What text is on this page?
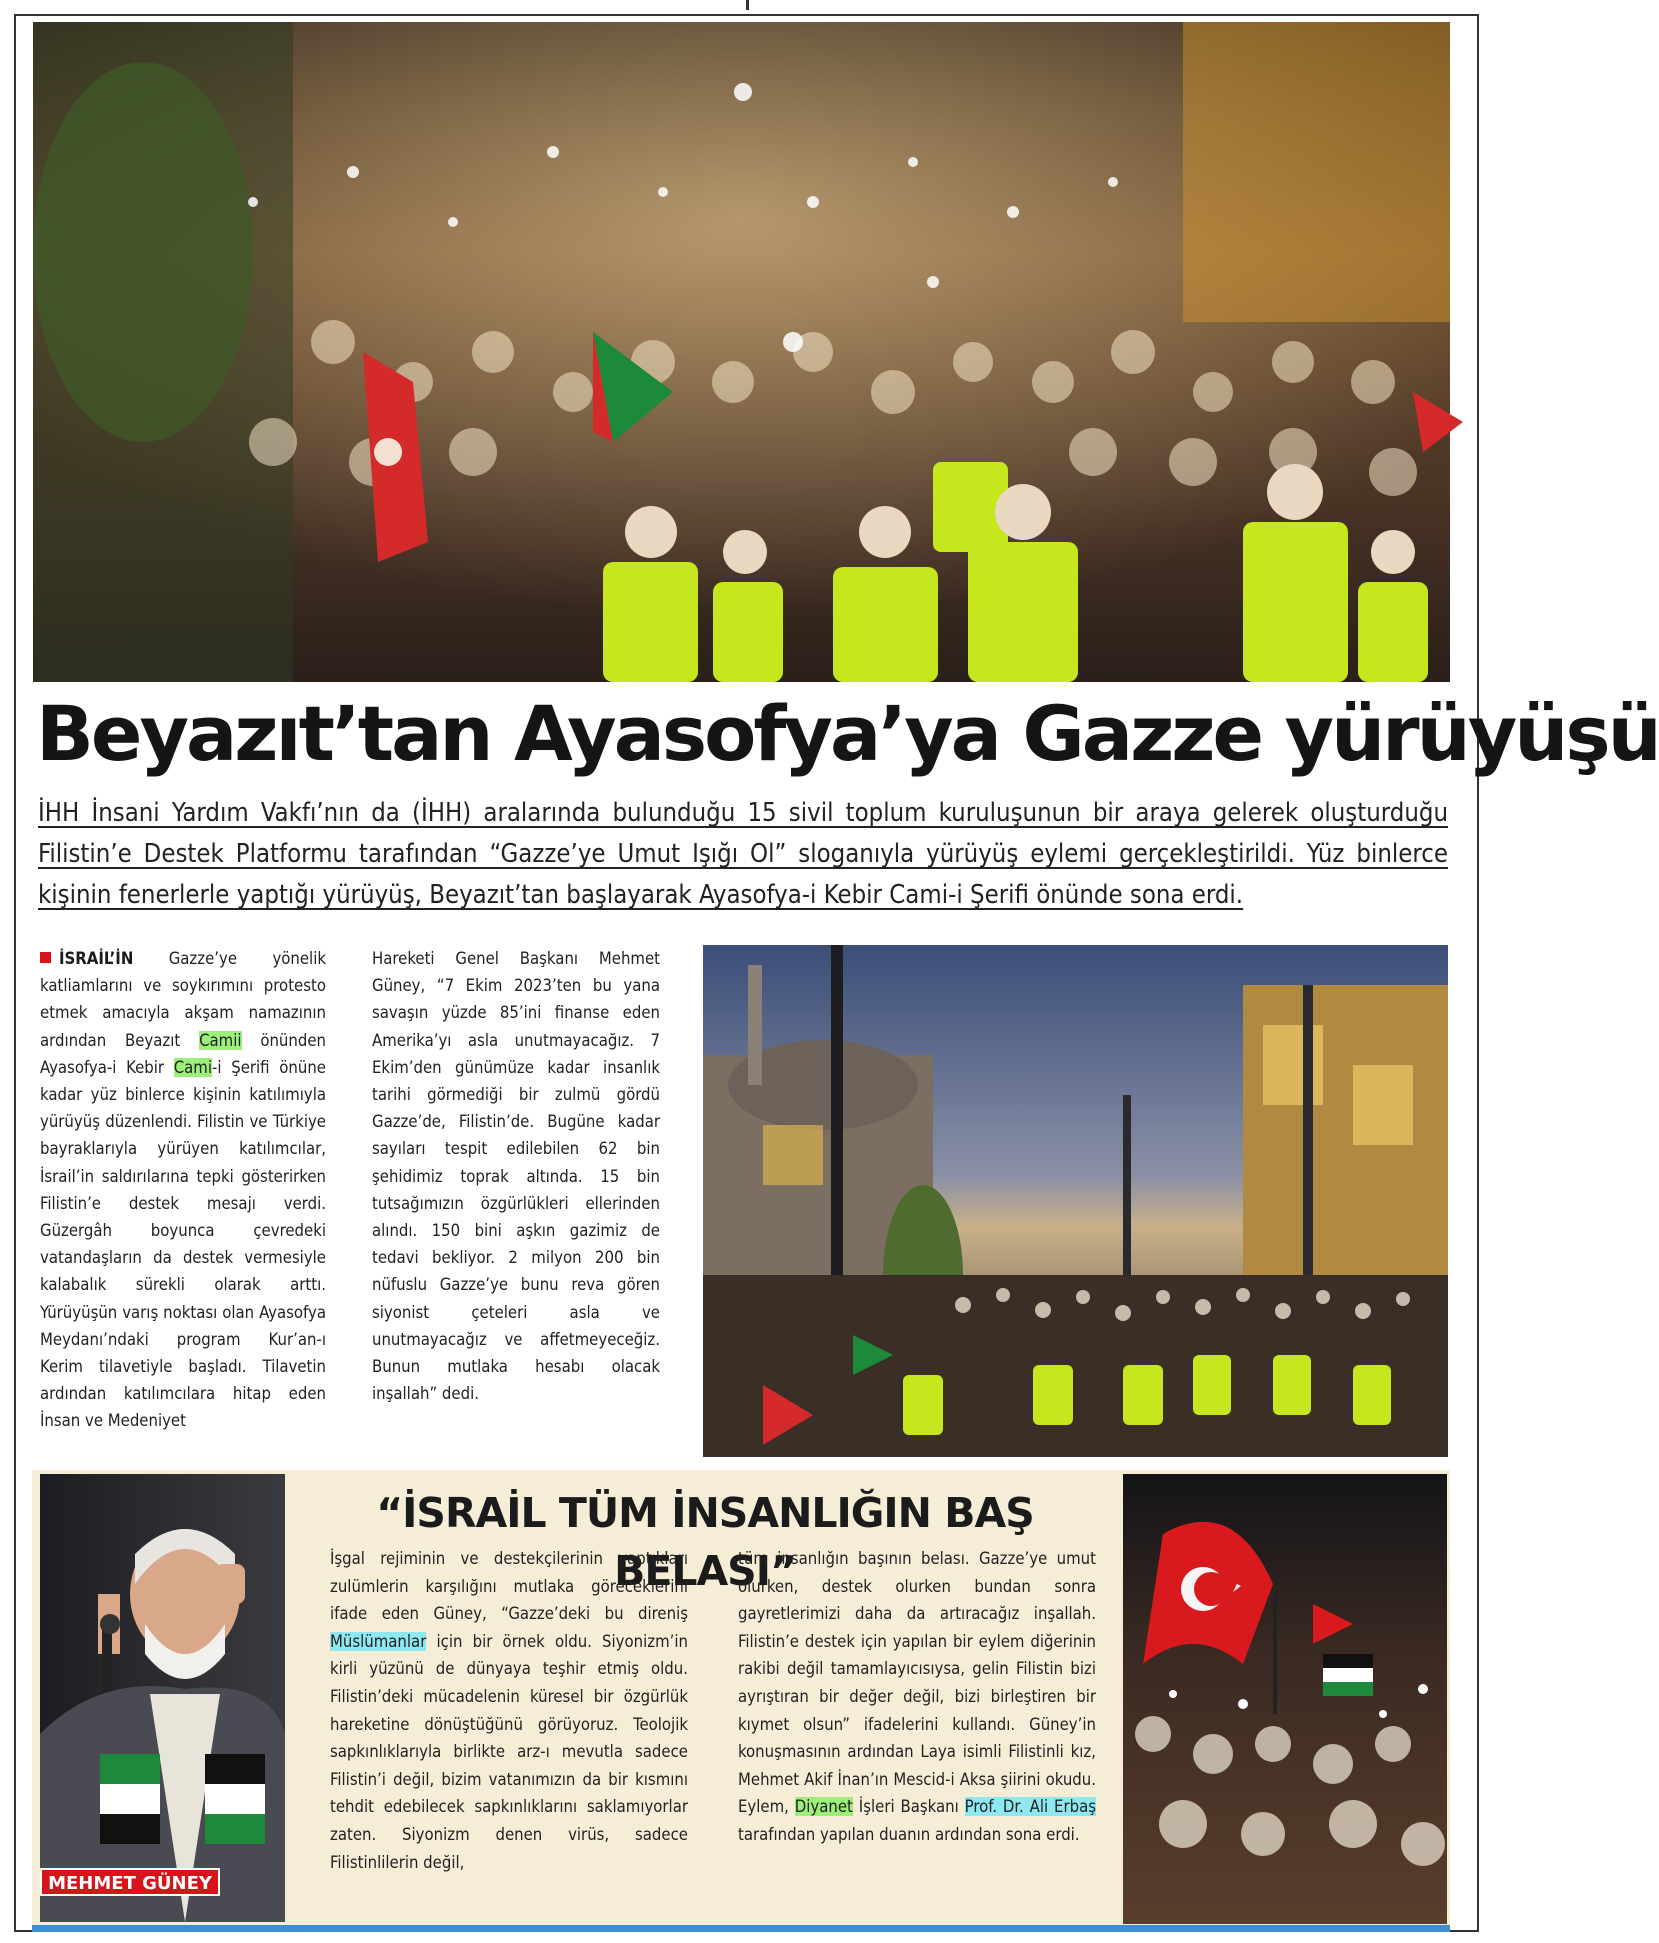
Beyazıt’tan Ayasofya’ya Gazze yürüyüşü
İHH İnsani Yardım Vakfı’nın da (İHH) aralarında bulunduğu 15 sivil toplum kuruluşunun bir araya gelerek oluşturduğu Filistin’e Destek Platformu tarafından “Gazze’ye Umut Işığı Ol” sloganıyla yürüyüş eylemi gerçekleştirildi. Yüz binlerce kişinin fenerlerle yaptığı yürüyüş, Beyazıt’tan başlayarak Ayasofya-i Kebir Cami-i Şerifi önünde sona erdi.
İSRAİL’İN Gazze’ye yönelik katliamlarını ve soykırımını protesto etmek amacıyla akşam namazının ardından Beyazıt Camii önünden Ayasofya-i Kebir Cami-i Şerifi önüne kadar yüz binlerce kişinin katılımıyla yürüyüş düzenlendi. Filistin ve Türkiye bayraklarıyla yürüyen katılımcılar, İsrail’in saldırılarına tepki gösterirken Filistin’e destek mesajı verdi. Güzergâh boyunca çevredeki vatandaşların da destek vermesiyle kalabalık sürekli olarak arttı. Yürüyüşün varış noktası olan Ayasofya Meydanı’ndaki program Kur’an-ı Kerim tilavetiyle başladı. Tilavetin ardından katılımcılara hitap eden İnsan ve Medeniyet
Hareketi Genel Başkanı Mehmet Güney, “7 Ekim 2023’ten bu yana savaşın yüzde 85’ini finanse eden Amerika’yı asla unutmayacağız. 7 Ekim’den günümüze kadar insanlık tarihi görmediği bir zulmü gördü Gazze’de, Filistin’de. Bugüne kadar sayıları tespit edilebilen 62 bin şehidimiz toprak altında. 15 bin tutsağımızın özgürlükleri ellerinden alındı. 150 bini aşkın gazimiz de tedavi bekliyor. 2 milyon 200 bin nüfuslu Gazze’ye bunu reva gören siyonist çeteleri asla ve unutmayacağız ve affetmeyeceğiz. Bunun mutlaka hesabı olacak inşallah” dedi.
MEHMET GÜNEY
“İSRAİL TÜM İNSANLIĞIN BAŞ BELASI”
İşgal rejiminin ve destekçilerinin yaptıkları zulümlerin karşılığını mutlaka göreceklerini ifade eden Güney, “Gazze’deki bu direniş Müslümanlar için bir örnek oldu. Siyonizm’in kirli yüzünü de dünyaya teşhir etmiş oldu. Filistin’deki mücadelenin küresel bir özgürlük hareketine dönüştüğünü görüyoruz. Teolojik sapkınlıklarıyla birlikte arz-ı mevutla sadece Filistin’i değil, bizim vatanımızın da bir kısmını tehdit edebilecek sapkınlıklarını saklamıyorlar zaten. Siyonizm denen virüs, sadece Filistinlilerin değil,
tüm insanlığın başının belası. Gazze’ye umut olurken, destek olurken bundan sonra gayretlerimizi daha da artıracağız inşallah. Filistin’e destek için yapılan bir eylem diğerinin rakibi değil tamamlayıcısıysa, gelin Filistin bizi ayrıştıran bir değer değil, bizi birleştiren bir kıymet olsun” ifadelerini kullandı. Güney’in konuşmasının ardından Laya isimli Filistinli kız, Mehmet Akif İnan’ın Mescid-i Aksa şiirini okudu. Eylem, Diyanet İşleri Başkanı Prof. Dr. Ali Erbaş tarafından yapılan duanın ardından sona erdi.
